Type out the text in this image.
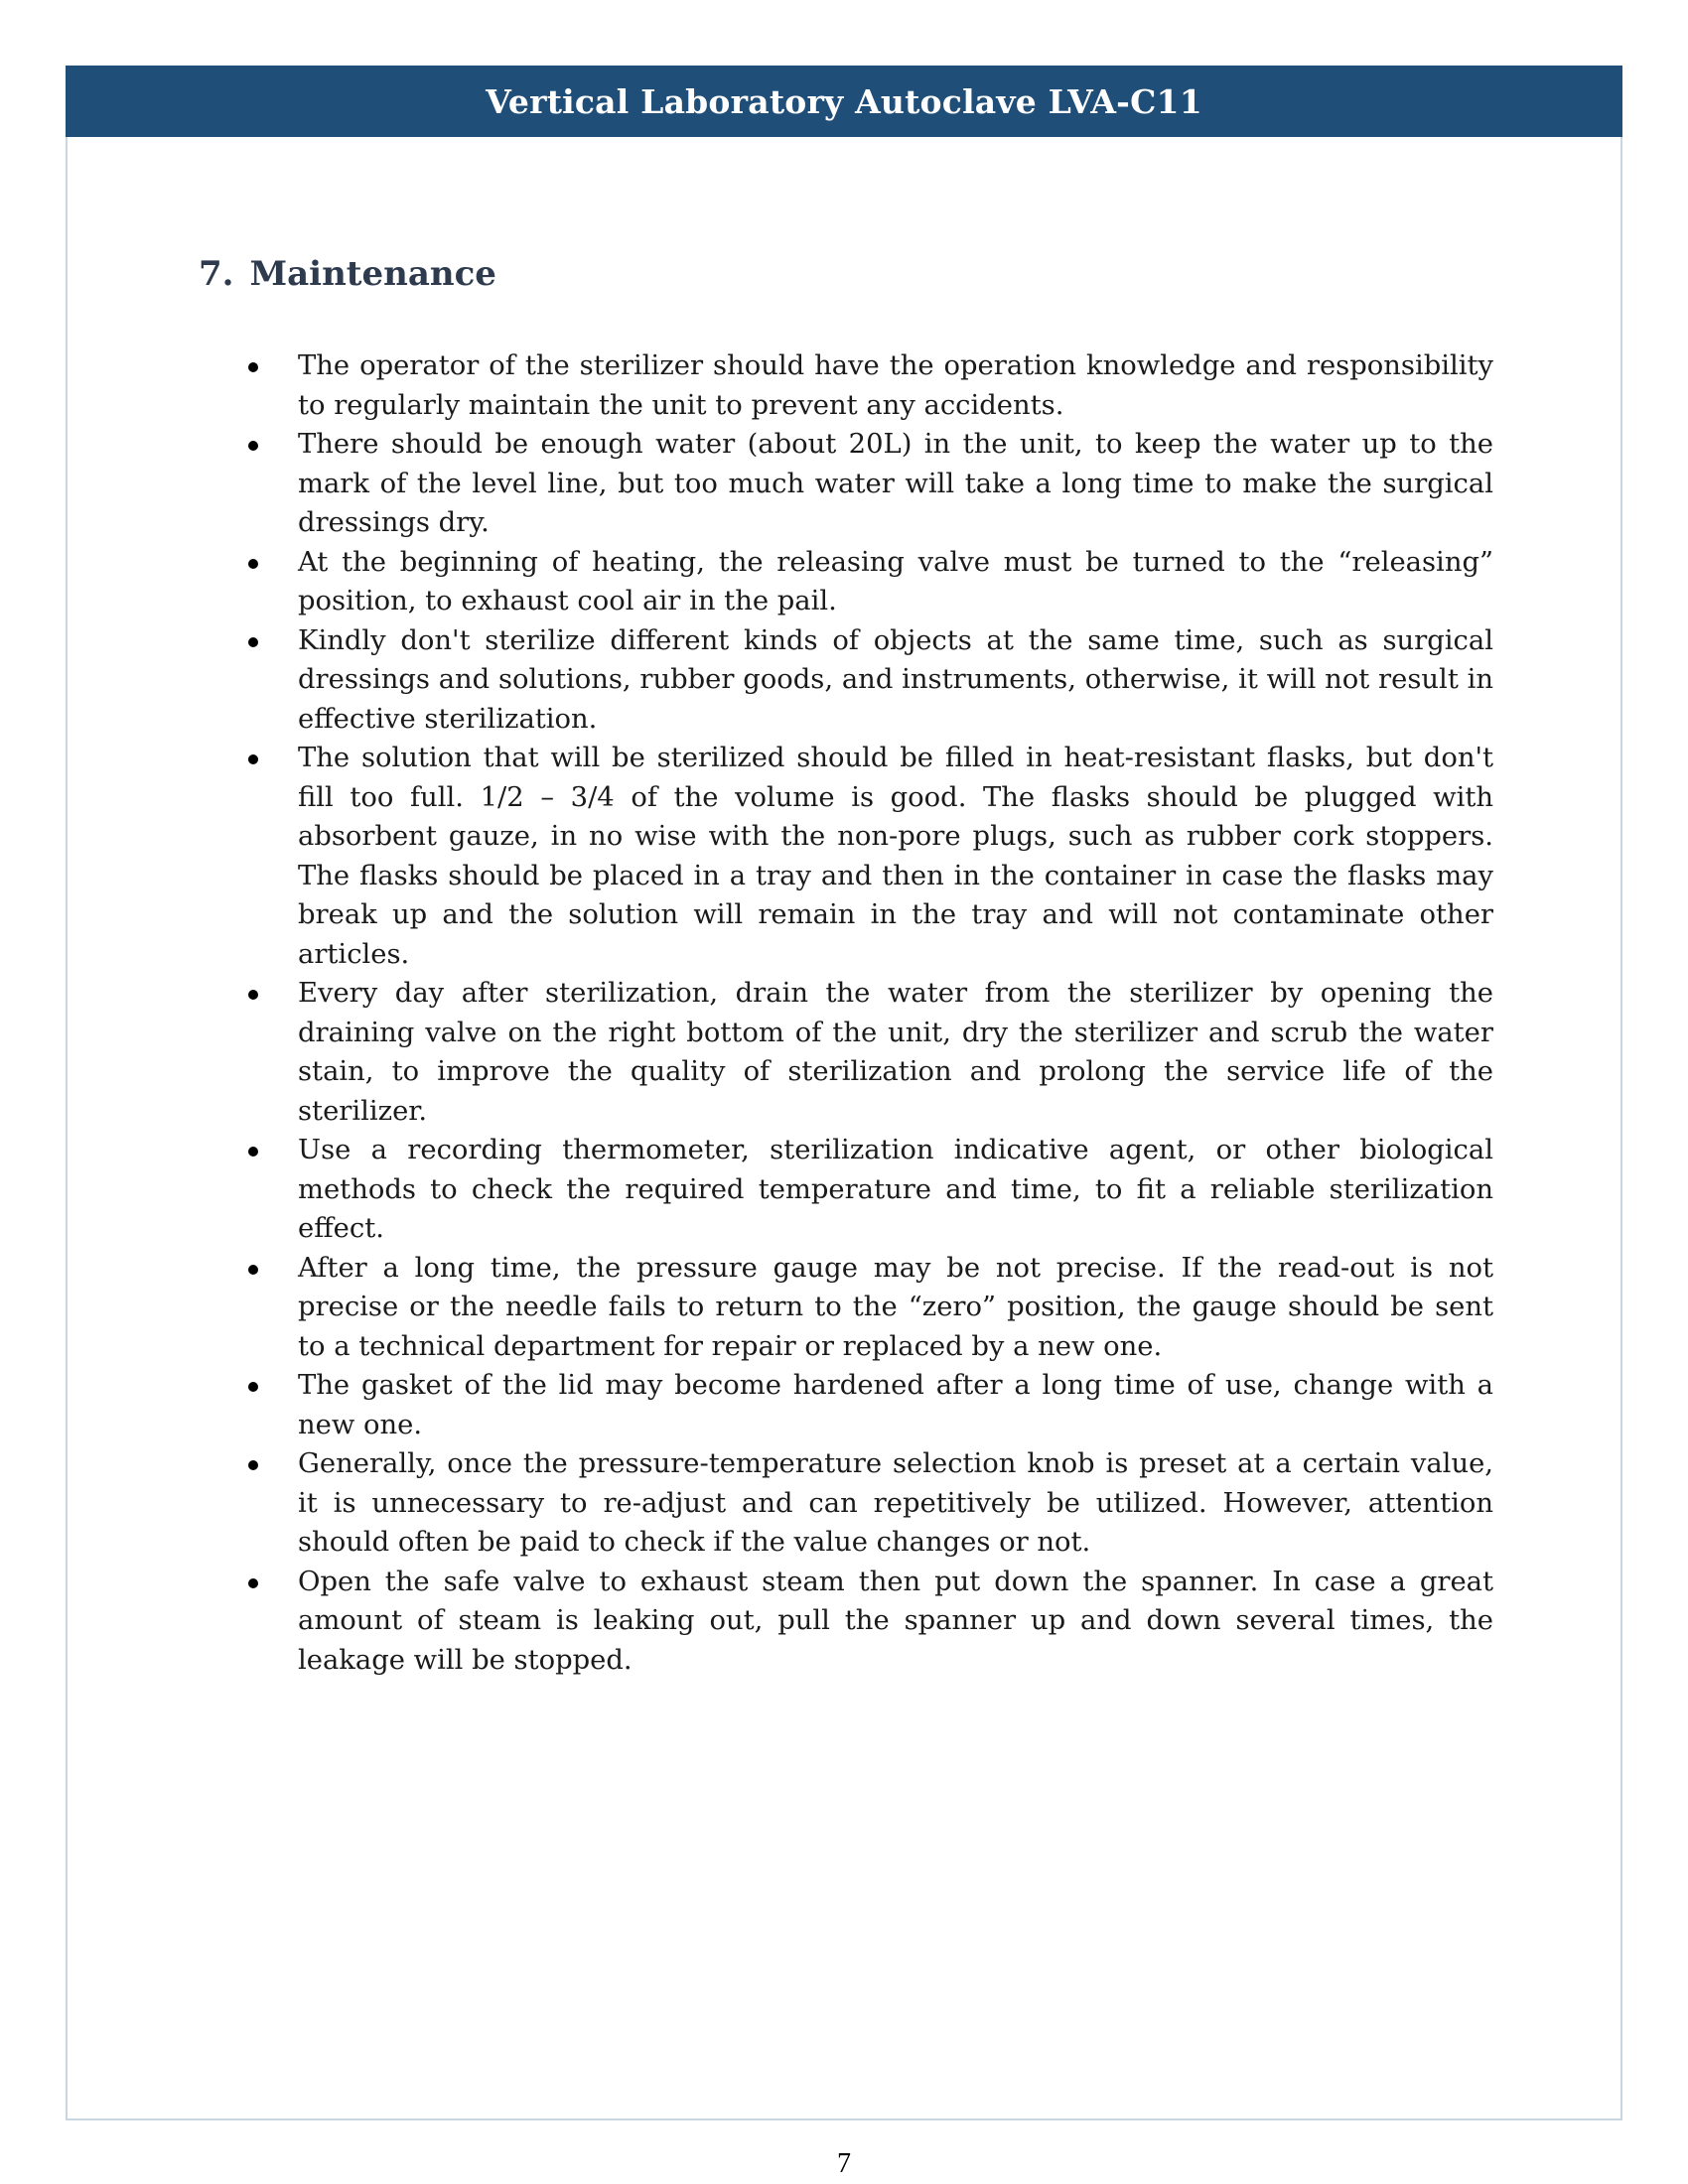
Vertical Laboratory Autoclave LVA-C11
7. Maintenance
The operator of the sterilizer should have the operation knowledge and responsibility to regularly maintain the unit to prevent any accidents.
There should be enough water (about 20L) in the unit, to keep the water up to the mark of the level line, but too much water will take a long time to make the surgical dressings dry.
At the beginning of heating, the releasing valve must be turned to the “releasing” position, to exhaust cool air in the pail.
Kindly don't sterilize different kinds of objects at the same time, such as surgical dressings and solutions, rubber goods, and instruments, otherwise, it will not result in effective sterilization.
The solution that will be sterilized should be filled in heat-resistant flasks, but don't fill too full. 1/2 – 3/4 of the volume is good. The flasks should be plugged with absorbent gauze, in no wise with the non-pore plugs, such as rubber cork stoppers. The flasks should be placed in a tray and then in the container in case the flasks may break up and the solution will remain in the tray and will not contaminate other articles.
Every day after sterilization, drain the water from the sterilizer by opening the draining valve on the right bottom of the unit, dry the sterilizer and scrub the water stain, to improve the quality of sterilization and prolong the service life of the sterilizer.
Use a recording thermometer, sterilization indicative agent, or other biological methods to check the required temperature and time, to fit a reliable sterilization effect.
After a long time, the pressure gauge may be not precise. If the read-out is not precise or the needle fails to return to the “zero” position, the gauge should be sent to a technical department for repair or replaced by a new one.
The gasket of the lid may become hardened after a long time of use, change with a new one.
Generally, once the pressure-temperature selection knob is preset at a certain value, it is unnecessary to re-adjust and can repetitively be utilized. However, attention should often be paid to check if the value changes or not.
Open the safe valve to exhaust steam then put down the spanner. In case a great amount of steam is leaking out, pull the spanner up and down several times, the leakage will be stopped.
7
